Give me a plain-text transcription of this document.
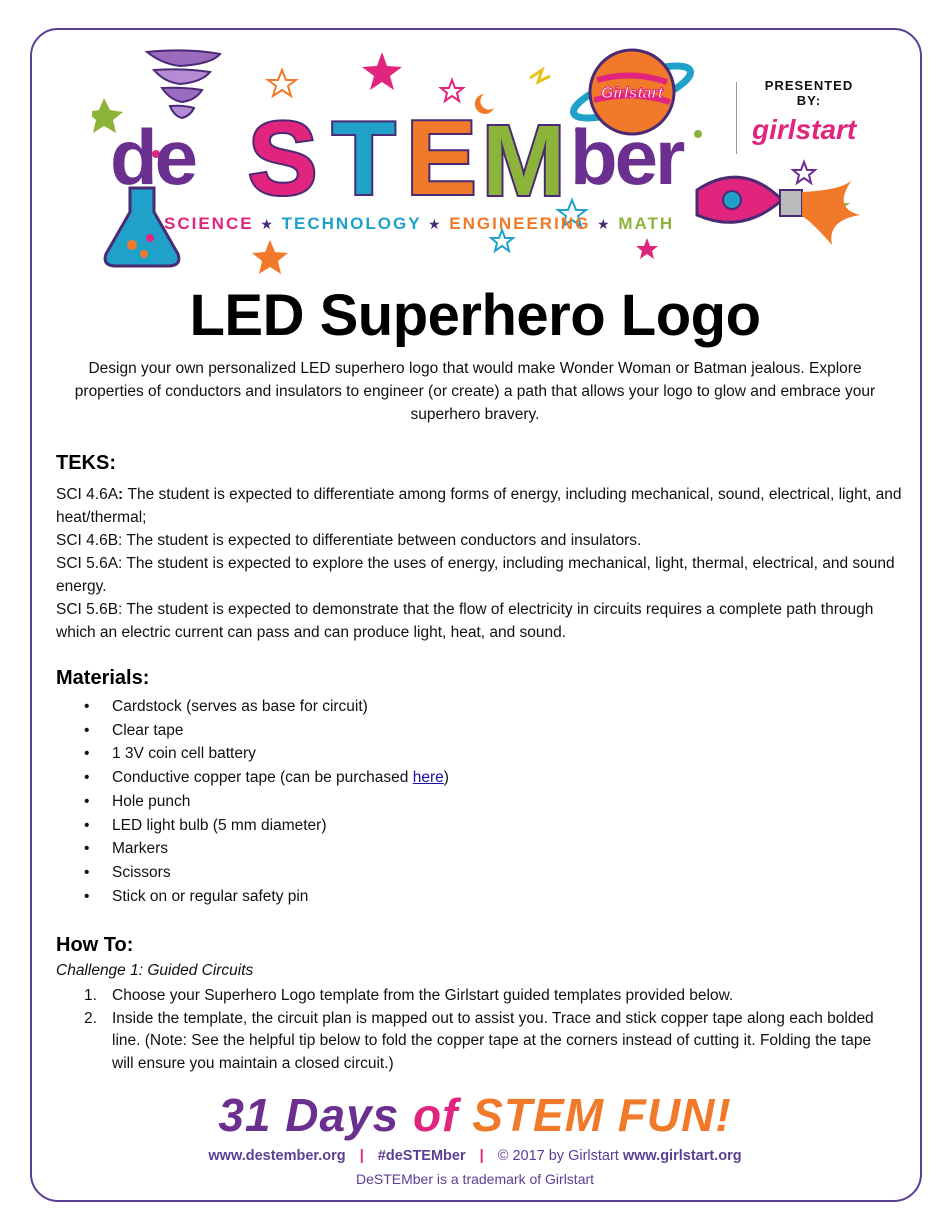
Girlstart
de S T E M ber
SCIENCE ★ TECHNOLOGY ★ ENGINEERING ★ MATH
PRESENTED BY:
girlstart
LED Superhero Logo
Design your own personalized LED superhero logo that would make Wonder Woman or Batman jealous. Explore properties of conductors and insulators to engineer (or create) a path that allows your logo to glow and embrace your superhero bravery.
TEKS:
SCI 4.6A: The student is expected to differentiate among forms of energy, including mechanical, sound, electrical, light, and heat/thermal;
SCI 4.6B: The student is expected to differentiate between conductors and insulators.
SCI 5.6A: The student is expected to explore the uses of energy, including mechanical, light, thermal, electrical, and sound energy.
SCI 5.6B: The student is expected to demonstrate that the flow of electricity in circuits requires a complete path through which an electric current can pass and can produce light, heat, and sound.
Materials:
• Cardstock (serves as base for circuit)
• Clear tape
• 1 3V coin cell battery
• Conductive copper tape (can be purchased here)
• Hole punch
• LED light bulb (5 mm diameter)
• Markers
• Scissors
• Stick on or regular safety pin
How To:
Challenge 1: Guided Circuits
1. Choose your Superhero Logo template from the Girlstart guided templates provided below.
2. Inside the template, the circuit plan is mapped out to assist you. Trace and stick copper tape along each bolded line. (Note: See the helpful tip below to fold the copper tape at the corners instead of cutting it. Folding the tape will ensure you maintain a closed circuit.)
31 Days of STEM FUN!
www.destember.org | #deSTEMber | © 2017 by Girlstart www.girlstart.org
DeSTEMber is a trademark of Girlstart
